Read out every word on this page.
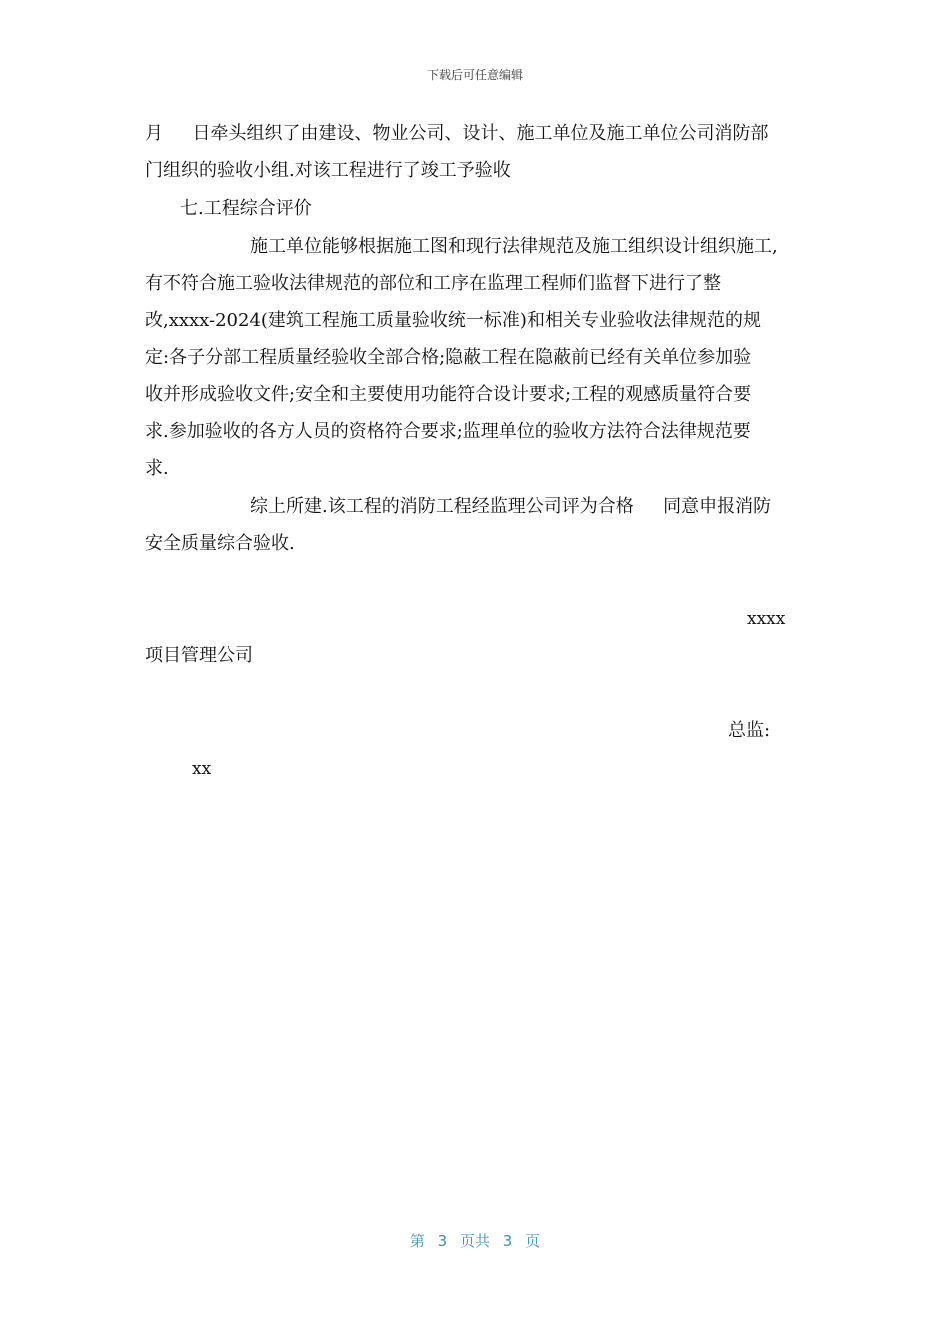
下载后可任意编辑
月 　 日牵头组织了由建设、物业公司、设计、施工单位及施工单位公司消防部
门组织的验收小组.对该工程进行了竣工予验收
七.工程综合评价
施工单位能够根据施工图和现行法律规范及施工组织设计组织施工,
有不符合施工验收法律规范的部位和工序在监理工程师们监督下进行了整
改,xxxx-2024(建筑工程施工质量验收统一标准)和相关专业验收法律规范的规
定:各子分部工程质量经验收全部合格;隐蔽工程在隐蔽前已经有关单位参加验
收并形成验收文件;安全和主要使用功能符合设计要求;工程的观感质量符合要
求.参加验收的各方人员的资格符合要求;监理单位的验收方法符合法律规范要
求.
综上所建.该工程的消防工程经监理公司评为合格 　 同意申报消防
安全质量综合验收.
xxxx
项目管理公司
总监:
xx
第 3 页共 3 页
